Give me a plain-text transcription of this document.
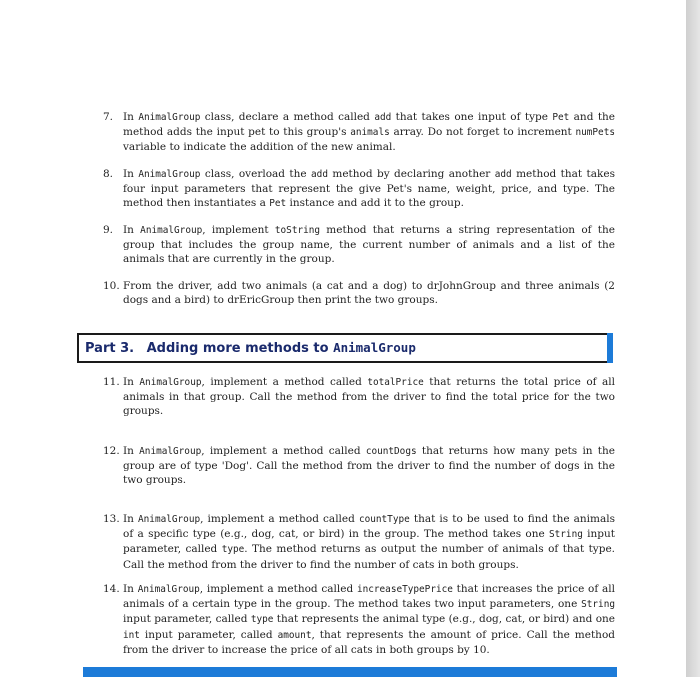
7. In AnimalGroup class, declare a method called add that takes one input of type Pet and the method adds the input pet to this group's animals array. Do not forget to increment numPets variable to indicate the addition of the new animal.
8. In AnimalGroup class, overload the add method by declaring another add method that takes four input parameters that represent the give Pet's name, weight, price, and type. The method then instantiates a Pet instance and add it to the group.
9. In AnimalGroup, implement toString method that returns a string representation of the group that includes the group name, the current number of animals and a list of the animals that are currently in the group.
10. From the driver, add two animals (a cat and a dog) to drJohnGroup and three animals (2 dogs and a bird) to drEricGroup then print the two groups.
Part 3. Adding more methods to AnimalGroup
11. In AnimalGroup, implement a method called totalPrice that returns the total price of all animals in that group. Call the method from the driver to find the total price for the two groups.
12. In AnimalGroup, implement a method called countDogs that returns how many pets in the group are of type 'Dog'. Call the method from the driver to find the number of dogs in the two groups.
13. In AnimalGroup, implement a method called countType that is to be used to find the animals of a specific type (e.g., dog, cat, or bird) in the group. The method takes one String input parameter, called type. The method returns as output the number of animals of that type. Call the method from the driver to find the number of cats in both groups.
14. In AnimalGroup, implement a method called increaseTypePrice that increases the price of all animals of a certain type in the group. The method takes two input parameters, one String input parameter, called type that represents the animal type (e.g., dog, cat, or bird) and one int input parameter, called amount, that represents the amount of price. Call the method from the driver to increase the price of all cats in both groups by 10.
